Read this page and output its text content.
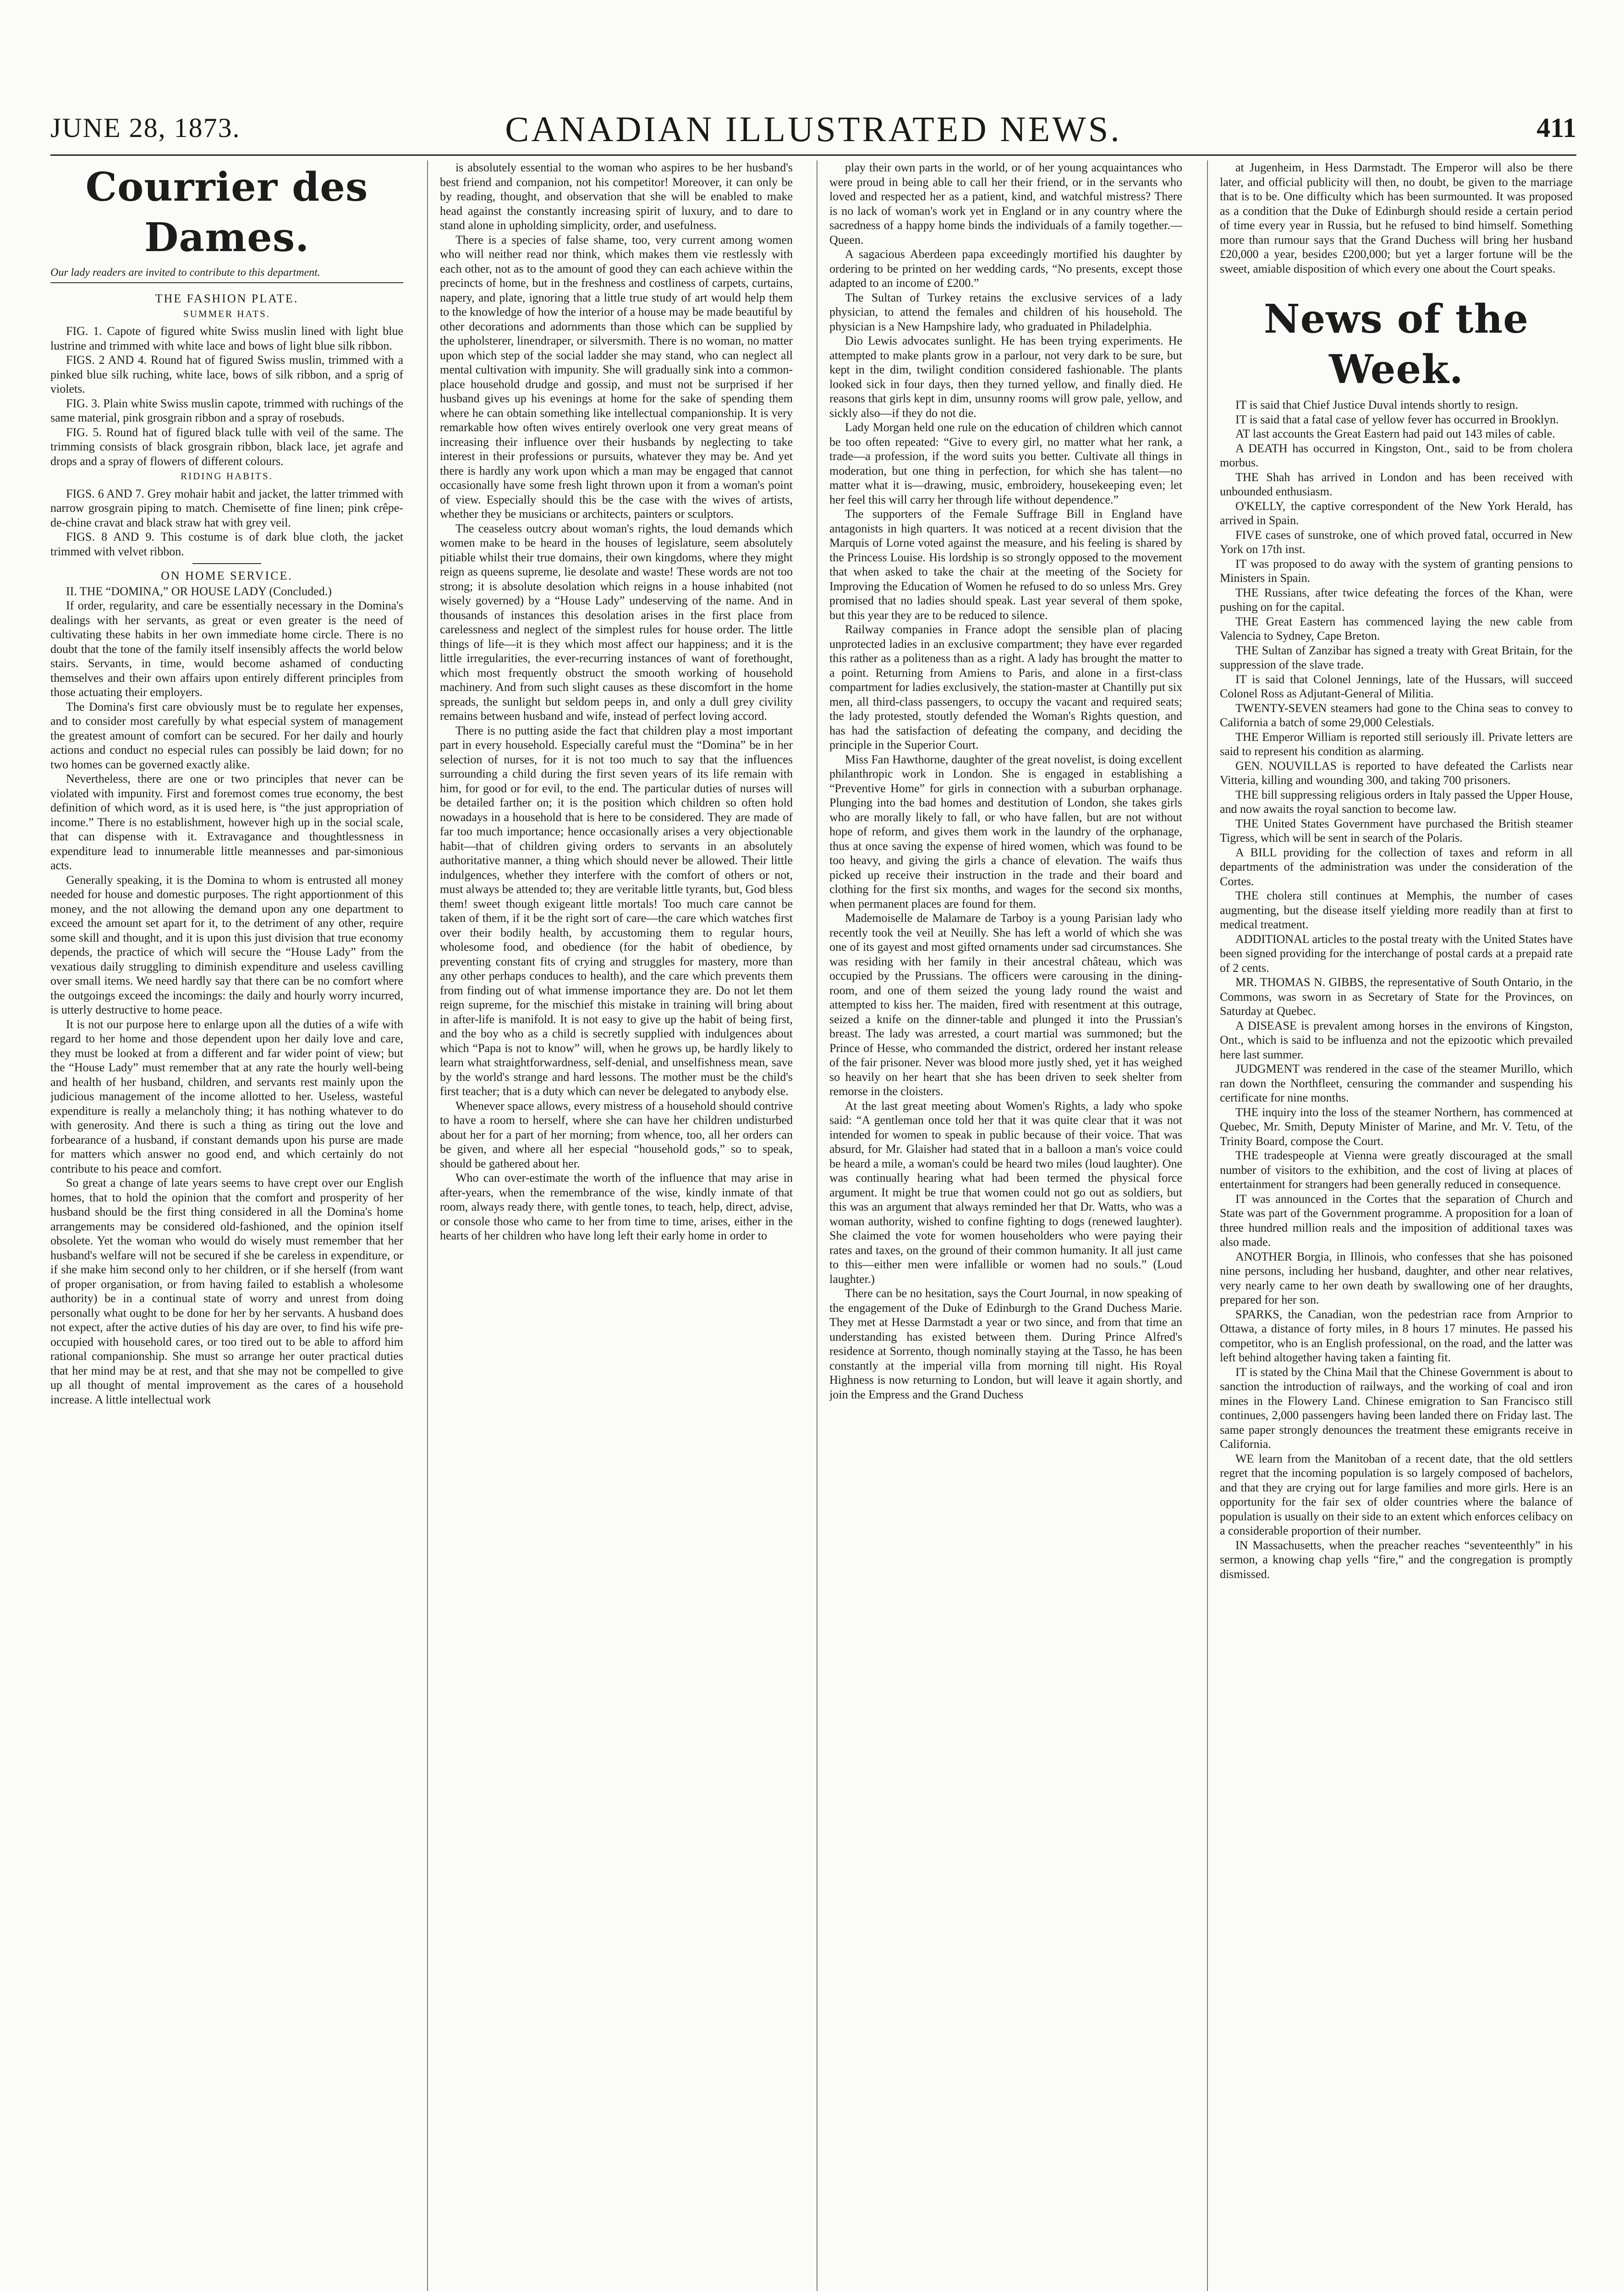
JUNE 28, 1873.	CANADIAN ILLUSTRATED NEWS.	411
Courrier des Dames.
Our lady readers are invited to contribute to this department.
THE FASHION PLATE.
SUMMER HATS.

FIG. 1. Capote of figured white Swiss muslin lined with light blue lustrine and trimmed with white lace and bows of light blue silk ribbon.

FIGS. 2 AND 4. Round hat of figured Swiss muslin, trimmed with a pinked blue silk ruching, white lace, bows of silk ribbon, and a sprig of violets.

FIG. 3. Plain white Swiss muslin capote, trimmed with ruchings of the same material, pink grosgrain ribbon and a spray of rosebuds.

FIG. 5. Round hat of figured black tulle with veil of the same. The trimming consists of black grosgrain ribbon, black lace, jet agrafe and drops and a spray of flowers of different colours.

RIDING HABITS.

FIGS. 6 AND 7. Grey mohair habit and jacket, the latter trimmed with narrow grosgrain piping to match. Chemisette of fine linen; pink crêpe-de-chine cravat and black straw hat with grey veil.

FIGS. 8 AND 9. This costume is of dark blue cloth, the jacket trimmed with velvet ribbon.

ON HOME SERVICE.

II. THE “DOMINA,” OR HOUSE LADY (Concluded.)

If order, regularity, and care be essentially necessary in the Domina's dealings with her servants, as great or even greater is the need of cultivating these habits in her own immediate home circle. There is no doubt that the tone of the family itself insensibly affects the world below stairs. Servants, in time, would become ashamed of conducting themselves and their own affairs upon entirely different principles from those actuating their employers.

The Domina's first care obviously must be to regulate her expenses, and to consider most carefully by what especial system of management the greatest amount of comfort can be secured. For her daily and hourly actions and conduct no especial rules can possibly be laid down; for no two homes can be governed exactly alike.

Nevertheless, there are one or two principles that never can be violated with impunity. First and foremost comes true economy, the best definition of which word, as it is used here, is “the just appropriation of income.” There is no establishment, however high up in the social scale, that can dispense with it. Extravagance and thoughtlessness in expenditure lead to innumerable little meannesses and par-simonious acts.

Generally speaking, it is the Domina to whom is entrusted all money needed for house and domestic purposes. The right apportionment of this money, and the not allowing the demand upon any one department to exceed the amount set apart for it, to the detriment of any other, require some skill and thought, and it is upon this just division that true economy depends, the practice of which will secure the “House Lady” from the vexatious daily struggling to diminish expenditure and useless cavilling over small items. We need hardly say that there can be no comfort where the outgoings exceed the incomings: the daily and hourly worry incurred, is utterly destructive to home peace.

It is not our purpose here to enlarge upon all the duties of a wife with regard to her home and those dependent upon her daily love and care, they must be looked at from a different and far wider point of view; but the “House Lady” must remember that at any rate the hourly well-being and health of her husband, children, and servants rest mainly upon the judicious management of the income allotted to her. Useless, wasteful expenditure is really a melancholy thing; it has nothing whatever to do with generosity. And there is such a thing as tiring out the love and forbearance of a husband, if constant demands upon his purse are made for matters which answer no good end, and which certainly do not contribute to his peace and comfort.

So great a change of late years seems to have crept over our English homes, that to hold the opinion that the comfort and prosperity of her husband should be the first thing considered in all the Domina's home arrangements may be considered old-fashioned, and the opinion itself obsolete. Yet the woman who would do wisely must remember that her husband's welfare will not be secured if she be careless in expenditure, or if she make him second only to her children, or if she herself (from want of proper organisation, or from having failed to establish a wholesome authority) be in a continual state of worry and unrest from doing personally what ought to be done for her by her servants. A husband does not expect, after the active duties of his day are over, to find his wife pre-occupied with household cares, or too tired out to be able to afford him rational companionship. She must so arrange her outer practical duties that her mind may be at rest, and that she may not be compelled to give up all thought of mental improvement as the cares of a household increase. A little intellectual work

is absolutely essential to the woman who aspires to be her husband's best friend and companion, not his competitor! Moreover, it can only be by reading, thought, and observation that she will be enabled to make head against the constantly increasing spirit of luxury, and to dare to stand alone in upholding simplicity, order, and usefulness.

There is a species of false shame, too, very current among women who will neither read nor think, which makes them vie restlessly with each other, not as to the amount of good they can each achieve within the precincts of home, but in the freshness and costliness of carpets, curtains, napery, and plate, ignoring that a little true study of art would help them to the knowledge of how the interior of a house may be made beautiful by other decorations and adornments than those which can be supplied by the upholsterer, linendraper, or silversmith. There is no woman, no matter upon which step of the social ladder she may stand, who can neglect all mental cultivation with impunity. She will gradually sink into a common-place household drudge and gossip, and must not be surprised if her husband gives up his evenings at home for the sake of spending them where he can obtain something like intellectual companionship. It is very remarkable how often wives entirely overlook one very great means of increasing their influence over their husbands by neglecting to take interest in their professions or pursuits, whatever they may be. And yet there is hardly any work upon which a man may be engaged that cannot occasionally have some fresh light thrown upon it from a woman's point of view. Especially should this be the case with the wives of artists, whether they be musicians or architects, painters or sculptors.

The ceaseless outcry about woman's rights, the loud demands which women make to be heard in the houses of legislature, seem absolutely pitiable whilst their true domains, their own kingdoms, where they might reign as queens supreme, lie desolate and waste! These words are not too strong; it is absolute desolation which reigns in a house inhabited (not wisely governed) by a “House Lady” undeserving of the name. And in thousands of instances this desolation arises in the first place from carelessness and neglect of the simplest rules for house order. The little things of life—it is they which most affect our happiness; and it is the little irregularities, the ever-recurring instances of want of forethought, which most frequently obstruct the smooth working of household machinery. And from such slight causes as these discomfort in the home spreads, the sunlight but seldom peeps in, and only a dull grey civility remains between husband and wife, instead of perfect loving accord.

There is no putting aside the fact that children play a most important part in every household. Especially careful must the “Domina” be in her selection of nurses, for it is not too much to say that the influences surrounding a child during the first seven years of its life remain with him, for good or for evil, to the end. The particular duties of nurses will be detailed farther on; it is the position which children so often hold nowadays in a household that is here to be considered. They are made of far too much importance; hence occasionally arises a very objectionable habit—that of children giving orders to servants in an absolutely authoritative manner, a thing which should never be allowed. Their little indulgences, whether they interfere with the comfort of others or not, must always be attended to; they are veritable little tyrants, but, God bless them! sweet though exigeant little mortals! Too much care cannot be taken of them, if it be the right sort of care—the care which watches first over their bodily health, by accustoming them to regular hours, wholesome food, and obedience (for the habit of obedience, by preventing constant fits of crying and struggles for mastery, more than any other perhaps conduces to health), and the care which prevents them from finding out of what immense importance they are. Do not let them reign supreme, for the mischief this mistake in training will bring about in after-life is manifold. It is not easy to give up the habit of being first, and the boy who as a child is secretly supplied with indulgences about which “Papa is not to know” will, when he grows up, be hardly likely to learn what straightforwardness, self-denial, and unselfishness mean, save by the world's strange and hard lessons. The mother must be the child's first teacher; that is a duty which can never be delegated to anybody else.

Whenever space allows, every mistress of a household should contrive to have a room to herself, where she can have her children undisturbed about her for a part of her morning; from whence, too, all her orders can be given, and where all her especial “household gods,” so to speak, should be gathered about her.

Who can over-estimate the worth of the influence that may arise in after-years, when the remembrance of the wise, kindly inmate of that room, always ready there, with gentle tones, to teach, help, direct, advise, or console those who came to her from time to time, arises, either in the hearts of her children who have long left their early home in order to

play their own parts in the world, or of her young acquaintances who were proud in being able to call her their friend, or in the servants who loved and respected her as a patient, kind, and watchful mistress? There is no lack of woman's work yet in England or in any country where the sacredness of a happy home binds the individuals of a family together.—Queen.

A sagacious Aberdeen papa exceedingly mortified his daughter by ordering to be printed on her wedding cards, “No presents, except those adapted to an income of £200.”

The Sultan of Turkey retains the exclusive services of a lady physician, to attend the females and children of his household. The physician is a New Hampshire lady, who graduated in Philadelphia.

Dio Lewis advocates sunlight. He has been trying experiments. He attempted to make plants grow in a parlour, not very dark to be sure, but kept in the dim, twilight condition considered fashionable. The plants looked sick in four days, then they turned yellow, and finally died. He reasons that girls kept in dim, unsunny rooms will grow pale, yellow, and sickly also—if they do not die.

Lady Morgan held one rule on the education of children which cannot be too often repeated: “Give to every girl, no matter what her rank, a trade—a profession, if the word suits you better. Cultivate all things in moderation, but one thing in perfection, for which she has talent—no matter what it is—drawing, music, embroidery, housekeeping even; let her feel this will carry her through life without dependence.”

The supporters of the Female Suffrage Bill in England have antagonists in high quarters. It was noticed at a recent division that the Marquis of Lorne voted against the measure, and his feeling is shared by the Princess Louise. His lordship is so strongly opposed to the movement that when asked to take the chair at the meeting of the Society for Improving the Education of Women he refused to do so unless Mrs. Grey promised that no ladies should speak. Last year several of them spoke, but this year they are to be reduced to silence.

Railway companies in France adopt the sensible plan of placing unprotected ladies in an exclusive compartment; they have ever regarded this rather as a politeness than as a right. A lady has brought the matter to a point. Returning from Amiens to Paris, and alone in a first-class compartment for ladies exclusively, the station-master at Chantilly put six men, all third-class passengers, to occupy the vacant and required seats; the lady protested, stoutly defended the Woman's Rights question, and has had the satisfaction of defeating the company, and deciding the principle in the Superior Court.

Miss Fan Hawthorne, daughter of the great novelist, is doing excellent philanthropic work in London. She is engaged in establishing a “Preventive Home” for girls in connection with a suburban orphanage. Plunging into the bad homes and destitution of London, she takes girls who are morally likely to fall, or who have fallen, but are not without hope of reform, and gives them work in the laundry of the orphanage, thus at once saving the expense of hired women, which was found to be too heavy, and giving the girls a chance of elevation. The waifs thus picked up receive their instruction in the trade and their board and clothing for the first six months, and wages for the second six months, when permanent places are found for them.

Mademoiselle de Malamare de Tarboy is a young Parisian lady who recently took the veil at Neuilly. She has left a world of which she was one of its gayest and most gifted ornaments under sad circumstances. She was residing with her family in their ancestral château, which was occupied by the Prussians. The officers were carousing in the dining-room, and one of them seized the young lady round the waist and attempted to kiss her. The maiden, fired with resentment at this outrage, seized a knife on the dinner-table and plunged it into the Prussian's breast. The lady was arrested, a court martial was summoned; but the Prince of Hesse, who commanded the district, ordered her instant release of the fair prisoner. Never was blood more justly shed, yet it has weighed so heavily on her heart that she has been driven to seek shelter from remorse in the cloisters.

At the last great meeting about Women's Rights, a lady who spoke said: “A gentleman once told her that it was quite clear that it was not intended for women to speak in public because of their voice. That was absurd, for Mr. Glaisher had stated that in a balloon a man's voice could be heard a mile, a woman's could be heard two miles (loud laughter). One was continually hearing what had been termed the physical force argument. It might be true that women could not go out as soldiers, but this was an argument that always reminded her that Dr. Watts, who was a woman authority, wished to confine fighting to dogs (renewed laughter). She claimed the vote for women householders who were paying their rates and taxes, on the ground of their common humanity. It all just came to this—either men were infallible or women had no souls.” (Loud laughter.)

There can be no hesitation, says the Court Journal, in now speaking of the engagement of the Duke of Edinburgh to the Grand Duchess Marie. They met at Hesse Darmstadt a year or two since, and from that time an understanding has existed between them. During Prince Alfred's residence at Sorrento, though nominally staying at the Tasso, he has been constantly at the imperial villa from morning till night. His Royal Highness is now returning to London, but will leave it again shortly, and join the Empress and the Grand Duchess

at Jugenheim, in Hess Darmstadt. The Emperor will also be there later, and official publicity will then, no doubt, be given to the marriage that is to be. One difficulty which has been surmounted. It was proposed as a condition that the Duke of Edinburgh should reside a certain period of time every year in Russia, but he refused to bind himself. Something more than rumour says that the Grand Duchess will bring her husband £20,000 a year, besides £200,000; but yet a larger fortune will be the sweet, amiable disposition of which every one about the Court speaks.

News of the Week.

IT is said that Chief Justice Duval intends shortly to resign.

IT is said that a fatal case of yellow fever has occurred in Brooklyn.

AT last accounts the Great Eastern had paid out 143 miles of cable.

A DEATH has occurred in Kingston, Ont., said to be from cholera morbus.

THE Shah has arrived in London and has been received with unbounded enthusiasm.

O'KELLY, the captive correspondent of the New York Herald, has arrived in Spain.

FIVE cases of sunstroke, one of which proved fatal, occurred in New York on 17th inst.

IT was proposed to do away with the system of granting pensions to Ministers in Spain.

THE Russians, after twice defeating the forces of the Khan, were pushing on for the capital.

THE Great Eastern has commenced laying the new cable from Valencia to Sydney, Cape Breton.

THE Sultan of Zanzibar has signed a treaty with Great Britain, for the suppression of the slave trade.

IT is said that Colonel Jennings, late of the Hussars, will succeed Colonel Ross as Adjutant-General of Militia.

TWENTY-SEVEN steamers had gone to the China seas to convey to California a batch of some 29,000 Celestials.

THE Emperor William is reported still seriously ill. Private letters are said to represent his condition as alarming.

GEN. NOUVILLAS is reported to have defeated the Carlists near Vitteria, killing and wounding 300, and taking 700 prisoners.

THE bill suppressing religious orders in Italy passed the Upper House, and now awaits the royal sanction to become law.

THE United States Government have purchased the British steamer Tigress, which will be sent in search of the Polaris.

A BILL providing for the collection of taxes and reform in all departments of the administration was under the consideration of the Cortes.

THE cholera still continues at Memphis, the number of cases augmenting, but the disease itself yielding more readily than at first to medical treatment.

ADDITIONAL articles to the postal treaty with the United States have been signed providing for the interchange of postal cards at a prepaid rate of 2 cents.

MR. THOMAS N. GIBBS, the representative of South Ontario, in the Commons, was sworn in as Secretary of State for the Provinces, on Saturday at Quebec.

A DISEASE is prevalent among horses in the environs of Kingston, Ont., which is said to be influenza and not the epizootic which prevailed here last summer.

JUDGMENT was rendered in the case of the steamer Murillo, which ran down the Northfleet, censuring the commander and suspending his certificate for nine months.

THE inquiry into the loss of the steamer Northern, has commenced at Quebec, Mr. Smith, Deputy Minister of Marine, and Mr. V. Tetu, of the Trinity Board, compose the Court.

THE tradespeople at Vienna were greatly discouraged at the small number of visitors to the exhibition, and the cost of living at places of entertainment for strangers had been generally reduced in consequence.

IT was announced in the Cortes that the separation of Church and State was part of the Government programme. A proposition for a loan of three hundred million reals and the imposition of additional taxes was also made.

ANOTHER Borgia, in Illinois, who confesses that she has poisoned nine persons, including her husband, daughter, and other near relatives, very nearly came to her own death by swallowing one of her draughts, prepared for her son.

SPARKS, the Canadian, won the pedestrian race from Arnprior to Ottawa, a distance of forty miles, in 8 hours 17 minutes. He passed his competitor, who is an English professional, on the road, and the latter was left behind altogether having taken a fainting fit.

IT is stated by the China Mail that the Chinese Government is about to sanction the introduction of railways, and the working of coal and iron mines in the Flowery Land. Chinese emigration to San Francisco still continues, 2,000 passengers having been landed there on Friday last. The same paper strongly denounces the treatment these emigrants receive in California.

WE learn from the Manitoban of a recent date, that the old settlers regret that the incoming population is so largely composed of bachelors, and that they are crying out for large families and more girls. Here is an opportunity for the fair sex of older countries where the balance of population is usually on their side to an extent which enforces celibacy on a considerable proportion of their number.

IN Massachusetts, when the preacher reaches “seventeenthly” in his sermon, a knowing chap yells “fire,” and the congregation is promptly dismissed.
